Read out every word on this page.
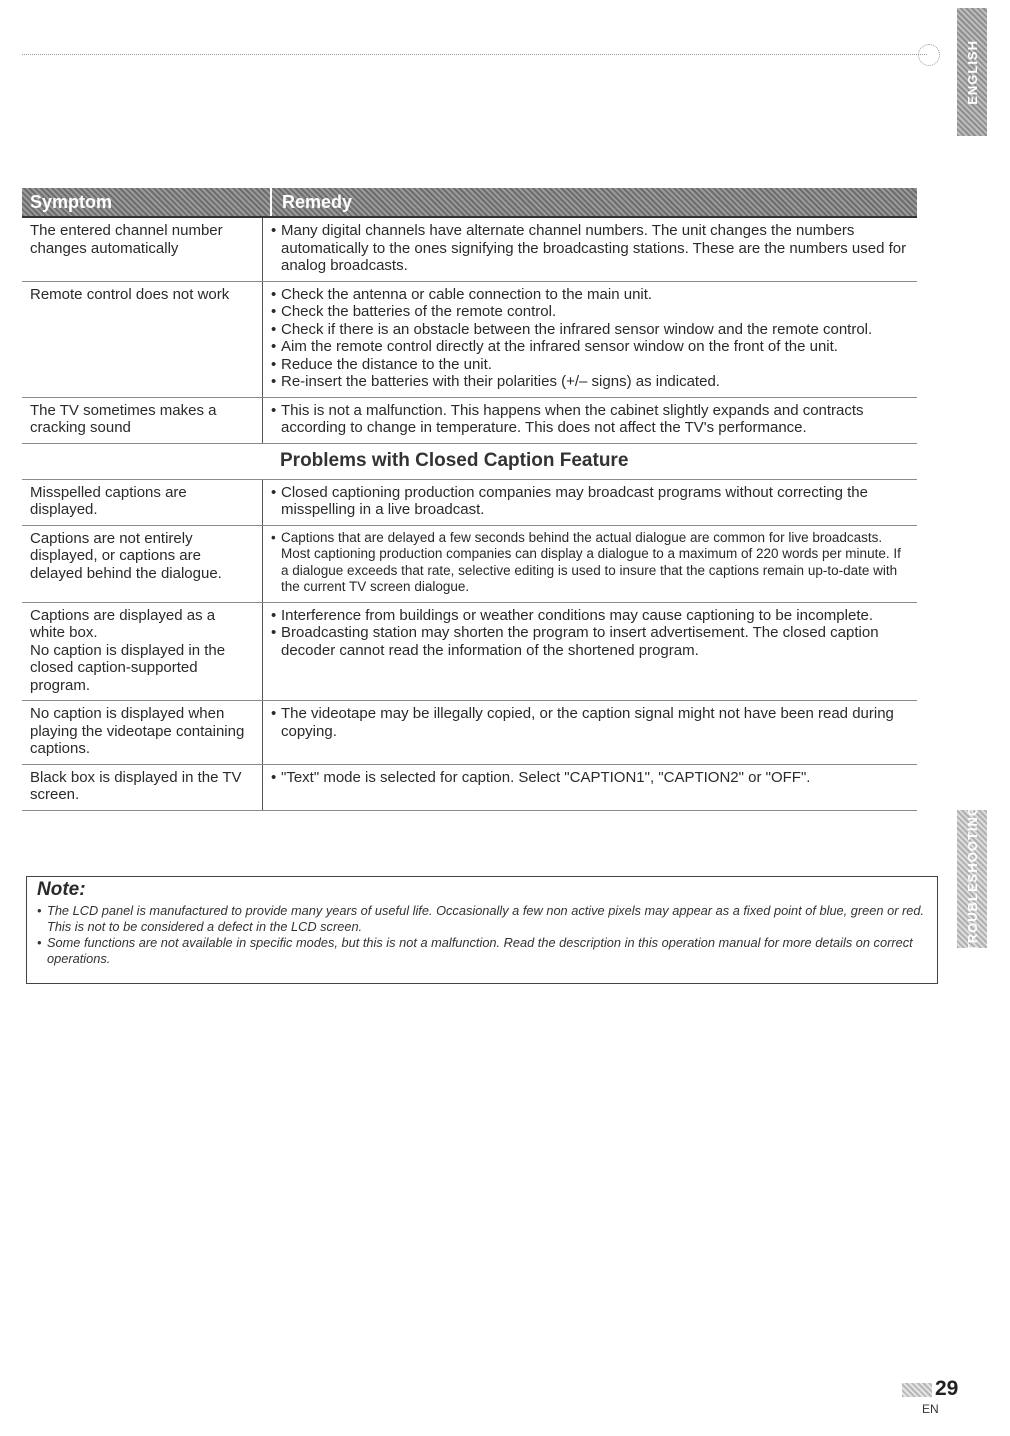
ENGLISH
TROUBLESHOOTING
Symptom	Remedy

The entered channel number changes automatically

• Many digital channels have alternate channel numbers. The unit changes the numbers automatically to the ones signifying the broadcasting stations. These are the numbers used for analog broadcasts.

Remote control does not work

•	Check the antenna or cable connection to the main unit.

• Check the batteries of the remote control.

• Check if there is an obstacle between the infrared sensor window and the remote control.

• Aim the remote control directly at the infrared sensor window on the front of the unit.

• Reduce the distance to the unit.

• Re-insert the batteries with their polarities (+/– signs) as indicated.

The TV sometimes makes a cracking sound

• This is not a malfunction. This happens when the cabinet slightly expands and contracts according to change in temperature. This does not affect the TV's performance.

Problems with Closed Caption Feature

Misspelled captions are displayed.

• Closed captioning production companies may broadcast programs without correcting the misspelling in a live broadcast.

Captions are not entirely displayed, or captions are delayed behind the dialogue.

• Captions that are delayed a few seconds behind the actual dialogue are common for live broadcasts. Most captioning production companies can display a dialogue to a maximum of 220 words per minute. If a dialogue exceeds that rate, selective editing is used to insure that the captions remain up-to-date with the current TV screen dialogue.

Captions are displayed as a white box.

No caption is displayed in the closed caption-supported program.

• Interference from buildings or weather conditions may cause captioning to be incomplete.

• Broadcasting station may shorten the program to insert advertisement. The closed caption decoder cannot read the information of the shortened program.

No caption is displayed when playing the videotape containing captions.

• The videotape may be illegally copied, or the caption signal might not have been read during copying.

Black box is displayed in the TV screen.

• "Text" mode is selected for caption. Select "CAPTION1", "CAPTION2" or "OFF".

Note:

• The LCD panel is manufactured to provide many years of useful life. Occasionally a few non active pixels may appear as a fixed point of blue, green or red. This is not to be considered a defect in the LCD screen.

• Some functions are not available in specific modes, but this is not a malfunction. Read the description in this operation manual for more details on correct operations.

29
EN
